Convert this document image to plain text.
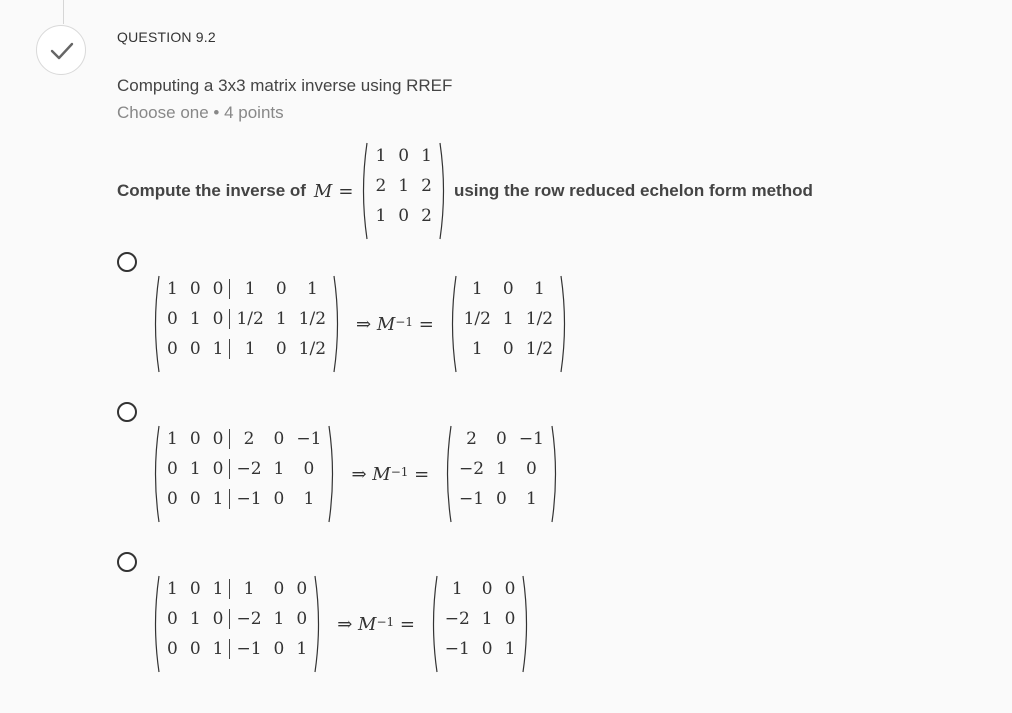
QUESTION 9.2
Computing a 3x3 matrix inverse using RREF
Choose one • 4 points
Compute the inverse of M =
1 0 1
2 1 2
1 0 2
using the row reduced echelon form method
1 0 0	1	0	1
0 1 0 1/2 1 1/2
0 0 1	1	0 1/2
⇒
$M^{-1}$
=

1	0	1
1/2 1 1/2
1	0 1/2
1 0 0	2	0 −1
0 1 0 −2 1	0
0 0 1 −1 0	1
⇒
$M^{-1}$
=

2	0 −1
−2 1	0
−1 0	1
1 0 1	1	0 0
0 1 0 −2 1 0
0 0 1 −1 0 1
⇒
$M^{-1}$
=

1	0 0
−2 1 0
−1 0 1
